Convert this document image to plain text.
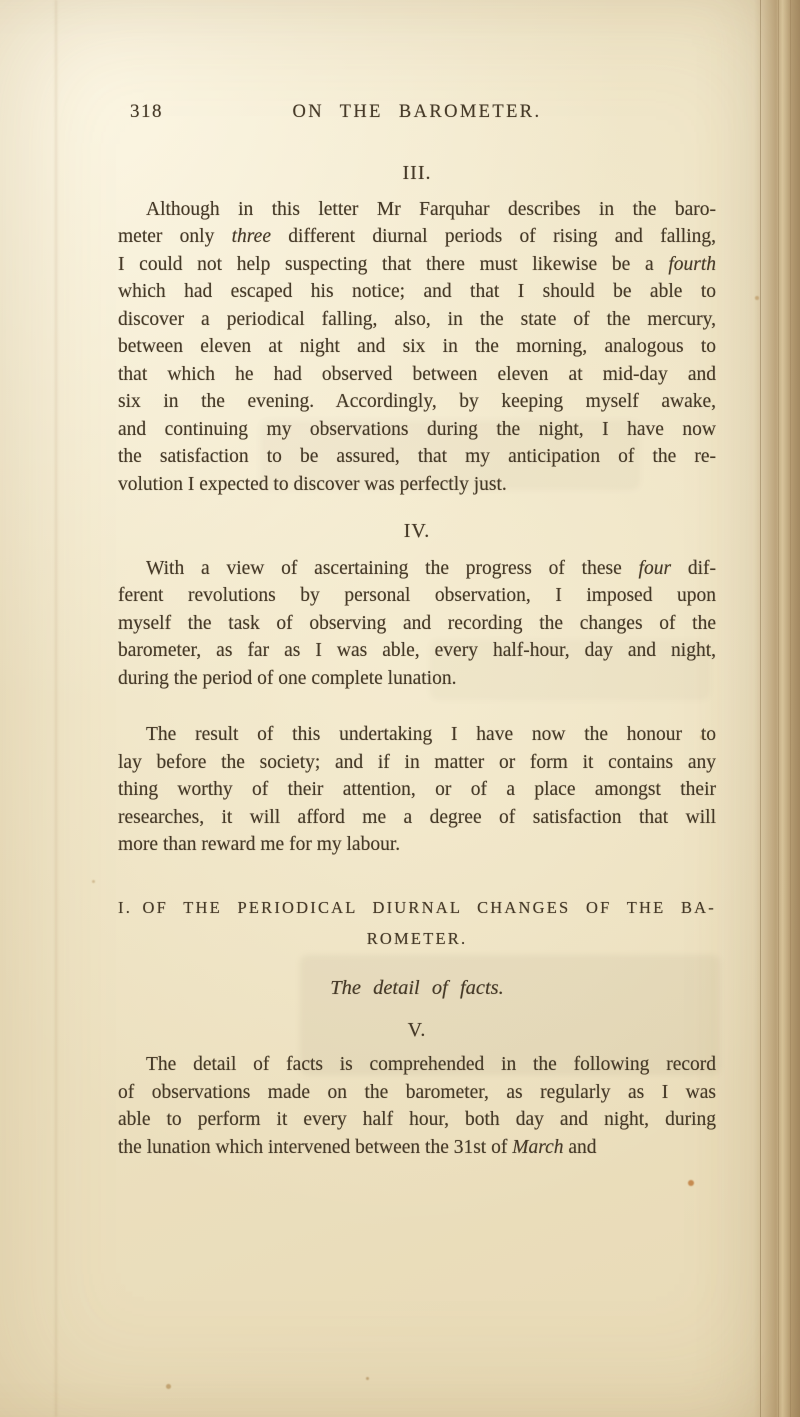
318	ON THE BAROMETER.
III.
Although in this letter Mr Farquhar describes in the baro-
meter only three different diurnal periods of rising and falling,
I could not help suspecting that there must likewise be a fourth
which had escaped his notice; and that I should be able to
discover a periodical falling, also, in the state of the mercury,
between eleven at night and six in the morning, analogous to
that which he had observed between eleven at mid-day and
six in the evening. Accordingly, by keeping myself awake,
and continuing my observations during the night, I have now
the satisfaction to be assured, that my anticipation of the re-
volution I expected to discover was perfectly just.
IV.
With a view of ascertaining the progress of these four dif-
ferent revolutions by personal observation, I imposed upon
myself the task of observing and recording the changes of the
barometer, as far as I was able, every half-hour, day and night,
during the period of one complete lunation.
The result of this undertaking I have now the honour to
lay before the society; and if in matter or form it contains any
thing worthy of their attention, or of a place amongst their
researches, it will afford me a degree of satisfaction that will
more than reward me for my labour.
I. OF THE PERIODICAL DIURNAL CHANGES OF THE BA-
ROMETER.
The detail of facts.
V.
The detail of facts is comprehended in the following record
of observations made on the barometer, as regularly as I was
able to perform it every half hour, both day and night, during
the lunation which intervened between the 31st of March and
